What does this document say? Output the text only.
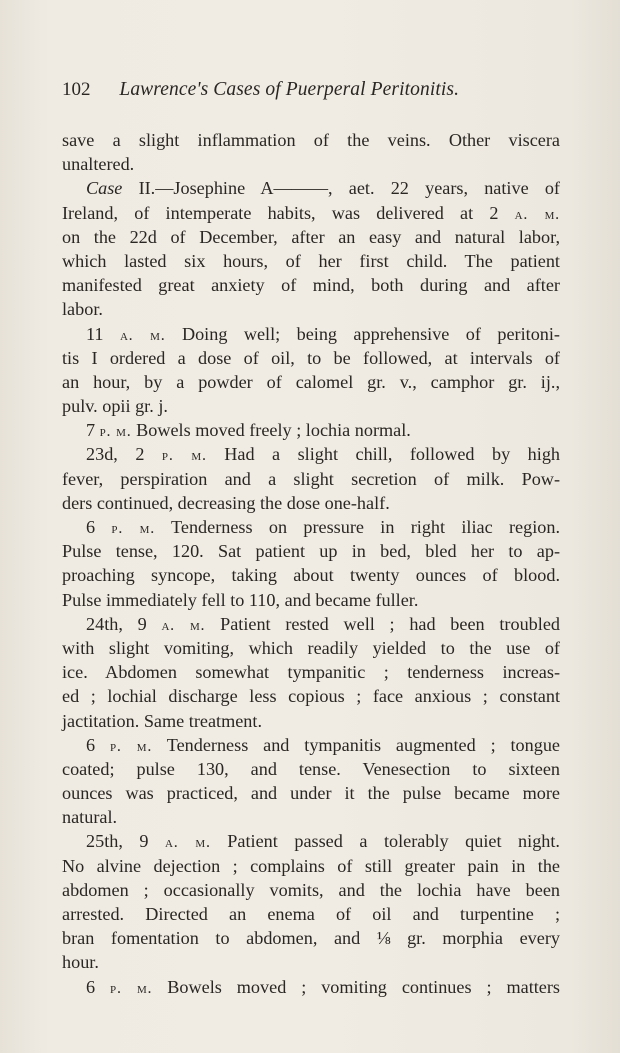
102 Lawrence's Cases of Puerperal Peritonitis.
save a slight inflammation of the veins. Other viscera
unaltered.
Case II.—Josephine A———, aet. 22 years, native of
Ireland, of intemperate habits, was delivered at 2 a. m.
on the 22d of December, after an easy and natural labor,
which lasted six hours, of her first child. The patient
manifested great anxiety of mind, both during and after
labor.
11 a. m. Doing well; being apprehensive of peritoni-
tis I ordered a dose of oil, to be followed, at intervals of
an hour, by a powder of calomel gr. v., camphor gr. ij.,
pulv. opii gr. j.
7 p. m. Bowels moved freely ; lochia normal.
23d, 2 p. m. Had a slight chill, followed by high
fever, perspiration and a slight secretion of milk. Pow-
ders continued, decreasing the dose one-half.
6 p. m. Tenderness on pressure in right iliac region.
Pulse tense, 120. Sat patient up in bed, bled her to ap-
proaching syncope, taking about twenty ounces of blood.
Pulse immediately fell to 110, and became fuller.
24th, 9 a. m. Patient rested well ; had been troubled
with slight vomiting, which readily yielded to the use of
ice. Abdomen somewhat tympanitic ; tenderness increas-
ed ; lochial discharge less copious ; face anxious ; constant
jactitation. Same treatment.
6 p. m. Tenderness and tympanitis augmented ; tongue
coated; pulse 130, and tense. Venesection to sixteen
ounces was practiced, and under it the pulse became more
natural.
25th, 9 a. m. Patient passed a tolerably quiet night.
No alvine dejection ; complains of still greater pain in the
abdomen ; occasionally vomits, and the lochia have been
arrested. Directed an enema of oil and turpentine ;
bran fomentation to abdomen, and ⅛ gr. morphia every
hour.
6 p. m. Bowels moved ; vomiting continues ; matters
